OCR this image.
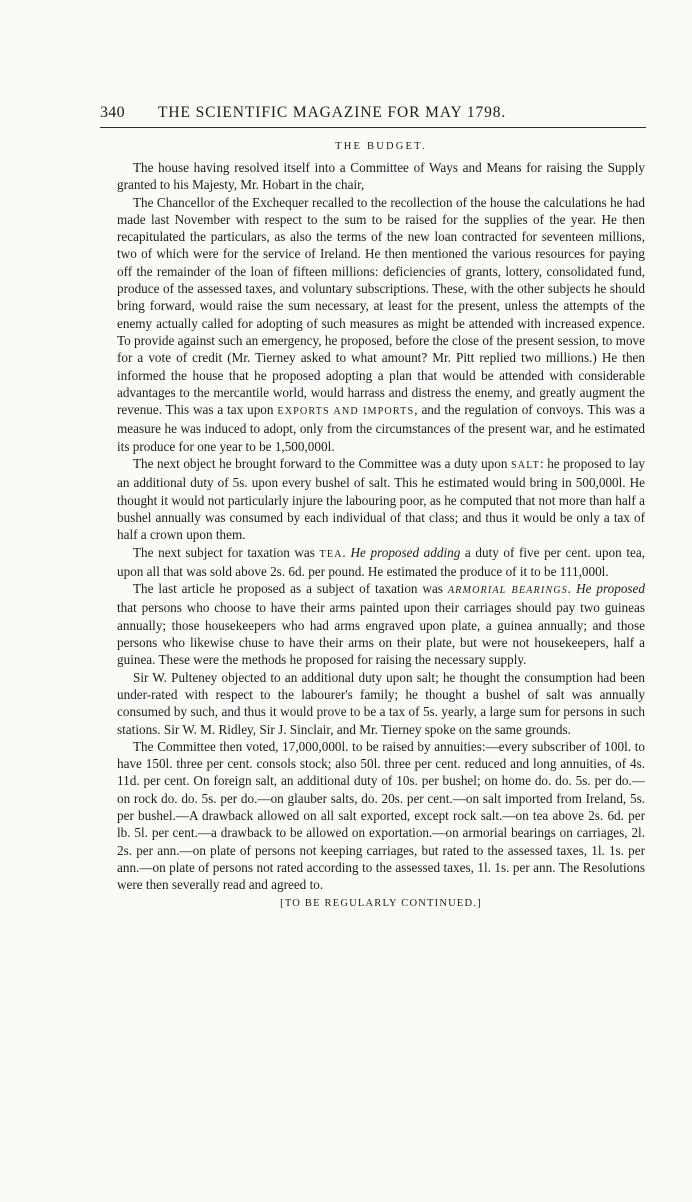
340	THE SCIENTIFIC MAGAZINE FOR MAY 1798.
THE BUDGET.

The house having resolved itself into a Committee of Ways and Means for raising the Supply granted to his Majesty, Mr. Hobart in the chair,

The Chancellor of the Exchequer recalled to the recollection of the house the calculations he had made last November with respect to the sum to be raised for the supplies of the year. He then recapitulated the particulars, as also the terms of the new loan contracted for seventeen millions, two of which were for the service of Ireland. He then mentioned the various resources for paying off the remainder of the loan of fifteen millions: deficiencies of grants, lottery, consolidated fund, produce of the assessed taxes, and voluntary subscriptions. These, with the other subjects he should bring forward, would raise the sum necessary, at least for the present, unless the attempts of the enemy actually called for adopting of such measures as might be attended with increased expence. To provide against such an emergency, he proposed, before the close of the present session, to move for a vote of credit (Mr. Tierney asked to what amount? Mr. Pitt replied two millions.) He then informed the house that he proposed adopting a plan that would be attended with considerable advantages to the mercantile world, would harrass and distress the enemy, and greatly augment the revenue. This was a tax upon EXPORTS AND IMPORTS, and the regulation of convoys. This was a measure he was induced to adopt, only from the circumstances of the present war, and he estimated its produce for one year to be 1,500,000l.

The next object he brought forward to the Committee was a duty upon SALT: he proposed to lay an additional duty of 5s. upon every bushel of salt. This he estimated would bring in 500,000l. He thought it would not particularly injure the labouring poor, as he computed that not more than half a bushel annually was consumed by each individual of that class; and thus it would be only a tax of half a crown upon them.

The next subject for taxation was TEA. He proposed adding a duty of five per cent. upon tea, upon all that was sold above 2s. 6d. per pound. He estimated the produce of it to be 111,000l.

The last article he proposed as a subject of taxation was ARMORIAL BEARINGS. He proposed that persons who choose to have their arms painted upon their carriages should pay two guineas annually; those housekeepers who had arms engraved upon plate, a guinea annually; and those persons who likewise chuse to have their arms on their plate, but were not housekeepers, half a guinea. These were the methods he proposed for raising the necessary supply.

Sir W. Pulteney objected to an additional duty upon salt; he thought the consumption had been under-rated with respect to the labourer's family; he thought a bushel of salt was annually consumed by such, and thus it would prove to be a tax of 5s. yearly, a large sum for persons in such stations. Sir W. M. Ridley, Sir J. Sinclair, and Mr. Tierney spoke on the same grounds.

The Committee then voted, 17,000,000l. to be raised by annuities:—every subscriber of 100l. to have 150l. three per cent. consols stock; also 50l. three per cent. reduced and long annuities, of 4s. 11d. per cent. On foreign salt, an additional duty of 10s. per bushel; on home do. do. 5s. per do.—on rock do. do. 5s. per do.—on glauber salts, do. 20s. per cent.—on salt imported from Ireland, 5s. per bushel.—A drawback allowed on all salt exported, except rock salt.—on tea above 2s. 6d. per lb. 5l. per cent.—a drawback to be allowed on exportation.—on armorial bearings on carriages, 2l. 2s. per ann.—on plate of persons not keeping carriages, but rated to the assessed taxes, 1l. 1s. per ann.—on plate of persons not rated according to the assessed taxes, 1l. 1s. per ann. The Resolutions were then severally read and agreed to.

[TO BE REGULARLY CONTINUED.]
